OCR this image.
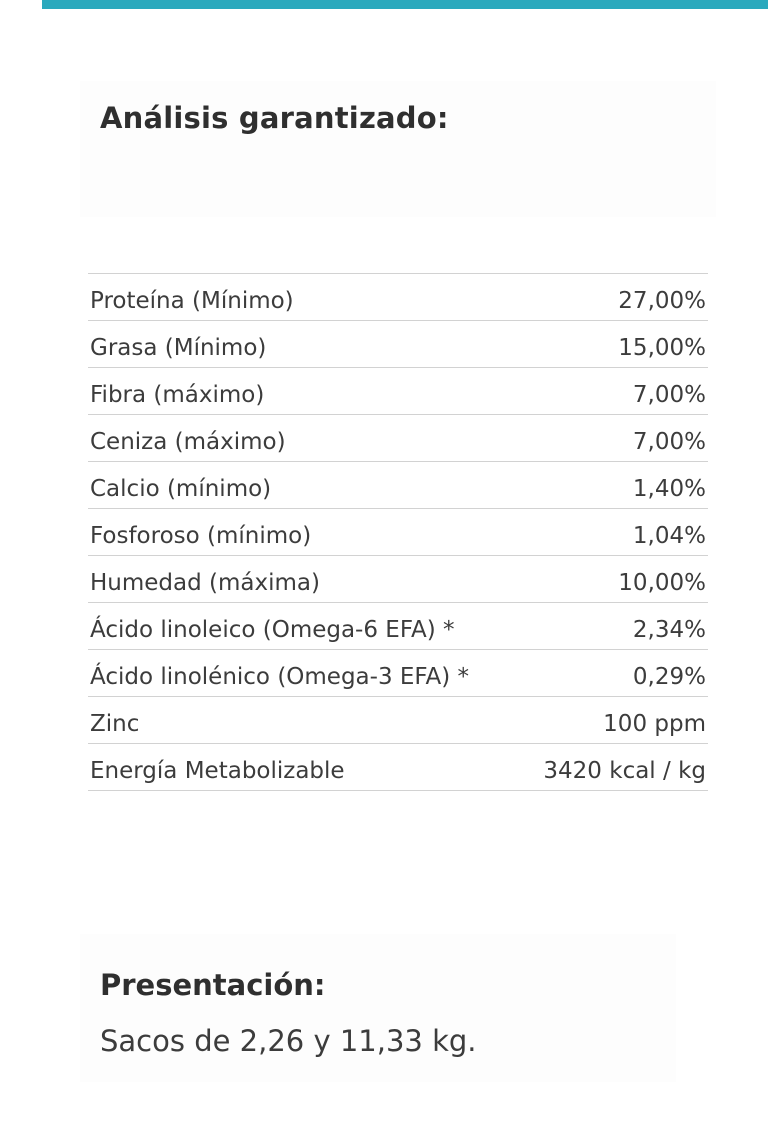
Análisis garantizado:
Proteína (Mínimo)	27,00%
Grasa (Mínimo)	15,00%
Fibra (máximo)	7,00%
Ceniza (máximo)	7,00%
Calcio (mínimo)	1,40%
Fosforoso (mínimo)	1,04%
Humedad (máxima)	10,00%
Ácido linoleico (Omega-6 EFA) *	2,34%
Ácido linolénico (Omega-3 EFA) *	0,29%
Zinc	100 ppm
Energía Metabolizable	3420 kcal / kg
Presentación:

Sacos de 2,26 y 11,33 kg.
